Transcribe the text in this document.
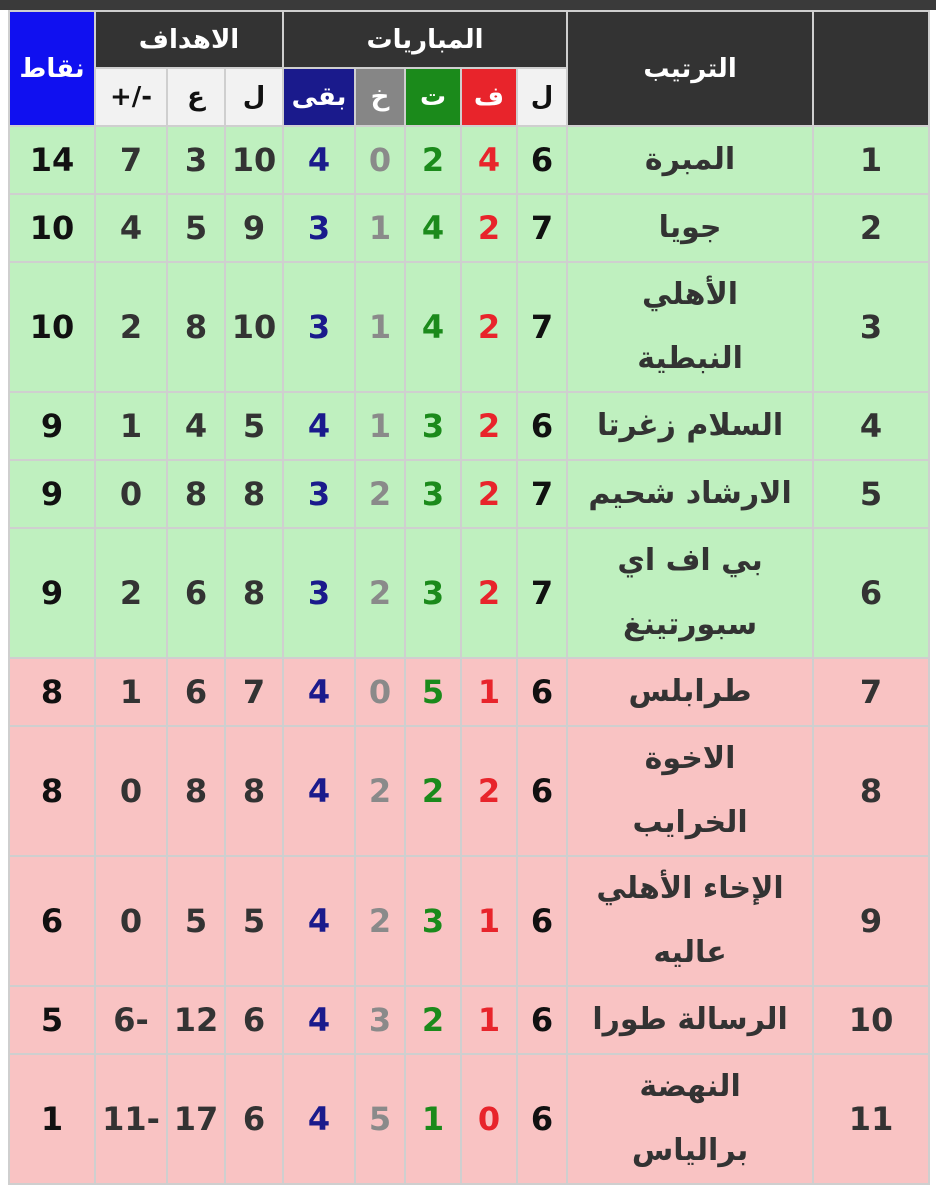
نقاط	الاهداف			المباريات					الترتيب	
	+/-	ع	ل	بقى	خ	ت	ف	ل		
14	7	3	10	4	0	2	4	6	المبرة	1
10	4	5	9	3	1	4	2	7	جويا	2
10	2	8	10	3	1	4	2	7	الأهلي النبطية	3
9	1	4	5	4	1	3	2	6	السلام زغرتا	4
9	0	8	8	3	2	3	2	7	الارشاد شحيم	5
9	2	6	8	3	2	3	2	7	بي اف اي سبورتينغ	6
8	1	6	7	4	0	5	1	6	طرابلس	7
8	0	8	8	4	2	2	2	6	الاخوة الخرايب	8
6	0	5	5	4	2	3	1	6	الإخاء الأهلي عاليه	9
5	6-	12	6	4	3	2	1	6	الرسالة طورا	10
1	11-	17	6	4	5	1	0	6	النهضة برالياس	11
